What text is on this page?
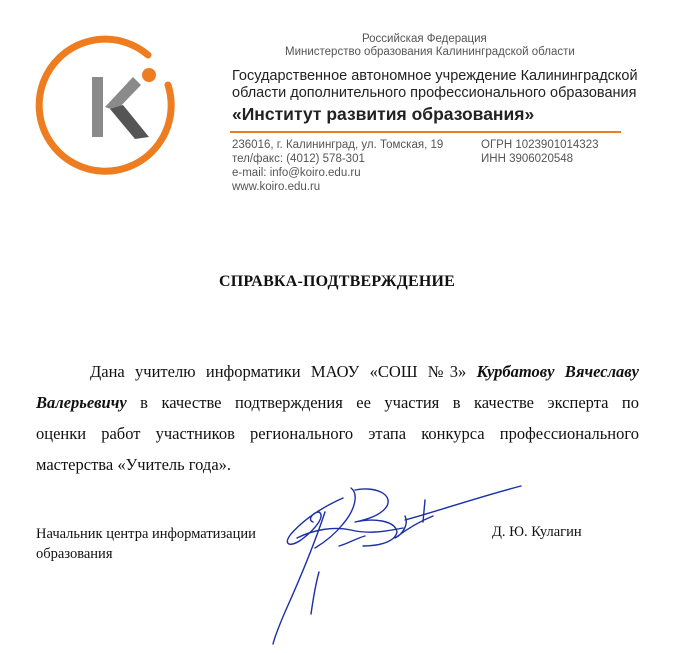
Российская Федерация
Министерство образования Калининградской области
Государственное автономное учреждение Калининградской
области дополнительного профессионального образования
«Институт развития образования»
236016, г. Калининград, ул. Томская, 19
тел/факс: (4012) 578-301
e-mail: info@koiro.edu.ru
www.koiro.edu.ru
ОГРН 1023901014323
ИНН 3906020548
СПРАВКА-ПОДТВЕРЖДЕНИЕ
Дана учителю информатики МАОУ «СОШ №3» Курбатову Вячеславу
Валерьевичу в качестве подтверждения ее участия в качестве эксперта по
оценки работ участников регионального этапа конкурса профессионального
мастерства «Учитель года».
Начальник центра информатизации
образования
Д. Ю. Кулагин
